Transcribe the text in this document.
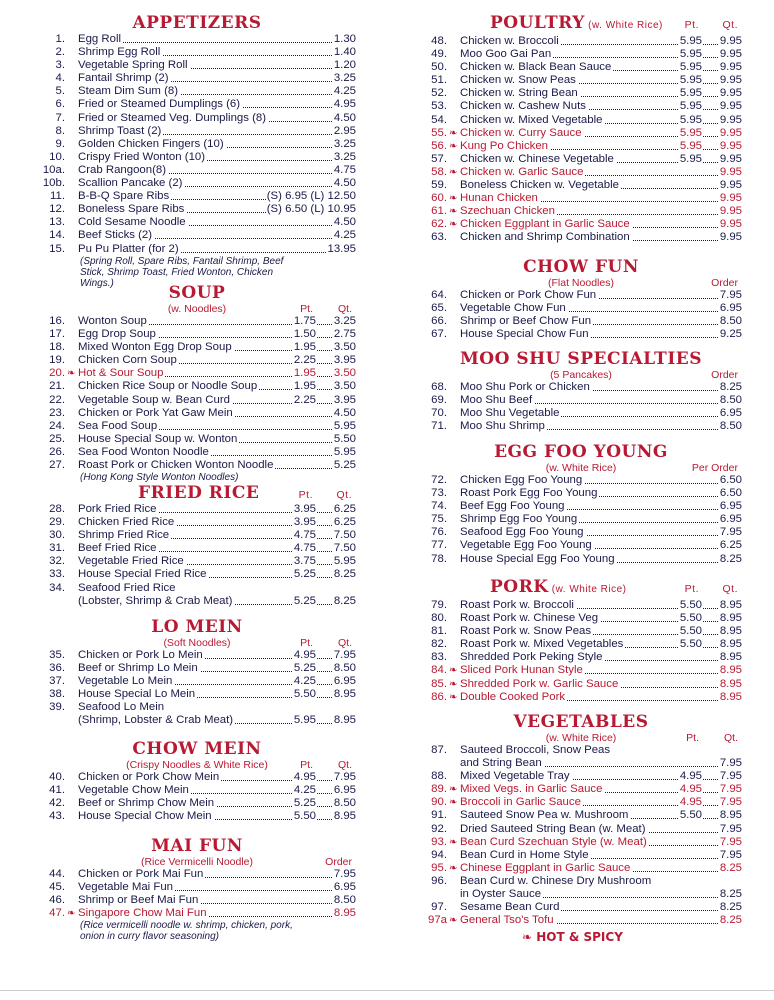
APPETIZERS
1. Egg Roll	1.30
2. Shrimp Egg Roll	1.40
3. Vegetable Spring Roll	1.20
4. Fantail Shrimp (2)	3.25
5. Steam Dim Sum (8)	4.25
6. Fried or Steamed Dumplings (6)	4.95
7. Fried or Steamed Veg. Dumplings (8)	4.50
8. Shrimp Toast (2)	2.95
9. Golden Chicken Fingers (10)	3.25
10. Crispy Fried Wonton (10)	3.25
10a. Crab Rangoon(8)	4.75
10b. Scallion Pancake (2)	4.50
11. B-B-Q Spare Ribs	(S) 6.95 (L) 12.50
12. Boneless Spare Ribs	(S) 6.50 (L) 10.95
13. Cold Sesame Noodle	4.50
14. Beef Sticks (2)	4.25
15. Pu Pu Platter (for 2)	13.95
(Spring Roll, Spare Ribs, Fantail Shrimp, Beef Stick, Shrimp Toast, Fried Wonton, Chicken Wings.)	SOUP
(w. Noodles)	Pt. Qt.
16. Wonton Soup	1.75 3.25
17. Egg Drop Soup	1.50 2.75
18. Mixed Wonton Egg Drop Soup	1.95 3.50
19. Chicken Corn Soup	2.25 3.95
20. ❧ Hot & Sour Soup	1.95 3.50
21. Chicken Rice Soup or Noodle Soup	1.95 3.50
22. Vegetable Soup w. Bean Curd	2.25 3.95
23. Chicken or Pork Yat Gaw Mein	4.50
24. Sea Food Soup	5.95
25. House Special Soup w. Wonton	5.50
26. Sea Food Wonton Noodle	5.95
27. Roast Pork or Chicken Wonton Noodle	5.25
(Hong Kong Style Wonton Noodles)
FRIED RICE	Pt. Qt.
28. Pork Fried Rice	3.95 6.25
29. Chicken Fried Rice	3.95 6.25
30. Shrimp Fried Rice	4.75 7.50
31. Beef Fried Rice	4.75 7.50
32. Vegetable Fried Rice	3.75 5.95
33. House Special Fried Rice	5.25 8.25
34. Seafood Fried Rice
(Lobster, Shrimp & Crab Meat)	5.25 8.25
LO MEIN
(Soft Noodles)	Pt. Qt.
35. Chicken or Pork Lo Mein	4.95 7.95
36. Beef or Shrimp Lo Mein	5.25 8.50
37. Vegetable Lo Mein	4.25 6.95
38. House Special Lo Mein	5.50 8.95
39. Seafood Lo Mein
(Shrimp, Lobster & Crab Meat)	5.95 8.95
CHOW MEIN
(Crispy Noodles & White Rice)	Pt. Qt.
40. Chicken or Pork Chow Mein	4.95 7.95
41. Vegetable Chow Mein	4.25 6.95
42. Beef or Shrimp Chow Mein	5.25 8.50
43. House Special Chow Mein	5.50 8.95
MAI FUN
(Rice Vermicelli Noodle)	Order
44. Chicken or Pork Mai Fun	7.95
45. Vegetable Mai Fun	6.95
46. Shrimp or Beef Mai Fun	8.50
47. ❧ Singapore Chow Mai Fun	8.95
(Rice vermicelli noodle w. shrimp, chicken, pork, onion in curry flavor seasoning)
POULTRY (w. White Rice) Pt. Qt.
48. Chicken w. Broccoli	5.95 9.95
49. Moo Goo Gai Pan	5.95 9.95
50. Chicken w. Black Bean Sauce	5.95 9.95
51. Chicken w. Snow Peas	5.95 9.95
52. Chicken w. String Bean	5.95 9.95
53. Chicken w. Cashew Nuts	5.95 9.95
54. Chicken w. Mixed Vegetable	5.95 9.95
55. ❧ Chicken w. Curry Sauce	5.95 9.95
56. ❧ Kung Po Chicken	5.95 9.95
57. Chicken w. Chinese Vegetable	5.95 9.95
58. ❧ Chicken w. Garlic Sauce	9.95
59. Boneless Chicken w. Vegetable	9.95
60. ❧ Hunan Chicken	9.95
61. ❧ Szechuan Chicken	9.95
62. ❧ Chicken Eggplant in Garlic Sauce	9.95
63. Chicken and Shrimp Combination	9.95
CHOW FUN
(Flat Noodles)	Order
64. Chicken or Pork Chow Fun	7.95
65. Vegetable Chow Fun	6.95
66. Shrimp or Beef Chow Fun	8.50
67. House Special Chow Fun	9.25
MOO SHU SPECIALTIES
(5 Pancakes)	Order
68. Moo Shu Pork or Chicken	8.25
69. Moo Shu Beef	8.50
70. Moo Shu Vegetable	6.95
71. Moo Shu Shrimp	8.50
EGG FOO YOUNG
(w. White Rice)	Per Order
72. Chicken Egg Foo Young	6.50
73. Roast Pork Egg Foo Young	6.50
74. Beef Egg Foo Young	6.95
75. Shrimp Egg Foo Young	6.95
76. Seafood Egg Foo Young	7.95
77. Vegetable Egg Foo Young	6.25
78. House Special Egg Foo Young	8.25
PORK (w. White Rice)	Pt. Qt.
79. Roast Pork w. Broccoli	5.50 8.95
80. Roast Pork w. Chinese Veg	5.50 8.95
81. Roast Pork w. Snow Peas	5.50 8.95
82. Roast Pork w. Mixed Vegetables	5.50 8.95
83. Shredded Pork Peking Style	8.95
84. ❧ Sliced Pork Hunan Style	8.95
85. ❧ Shredded Pork w. Garlic Sauce	8.95
86. ❧ Double Cooked Pork	8.95
VEGETABLES
(w. White Rice)	Pt. Qt.
87. Sauteed Broccoli, Snow Peas
and String Bean	7.95
88. Mixed Vegetable Tray	4.95 7.95
89. ❧ Mixed Vegs. in Garlic Sauce	4.95 7.95
90. ❧ Broccoli in Garlic Sauce	4.95 7.95
91. Sauteed Snow Pea w. Mushroom	5.50 8.95
92. Dried Sauteed String Bean (w. Meat)	7.95
93. ❧ Bean Curd Szechuan Style (w. Meat)	7.95
94. Bean Curd in Home Style	7.95
95. ❧ Chinese Eggplant in Garlic Sauce	8.25
96. Bean Curd w. Chinese Dry Mushroom
in Oyster Sauce	8.25
97. Sesame Bean Curd	8.25
97a ❧ General Tso's Tofu	8.25
❧ HOT & SPICY
